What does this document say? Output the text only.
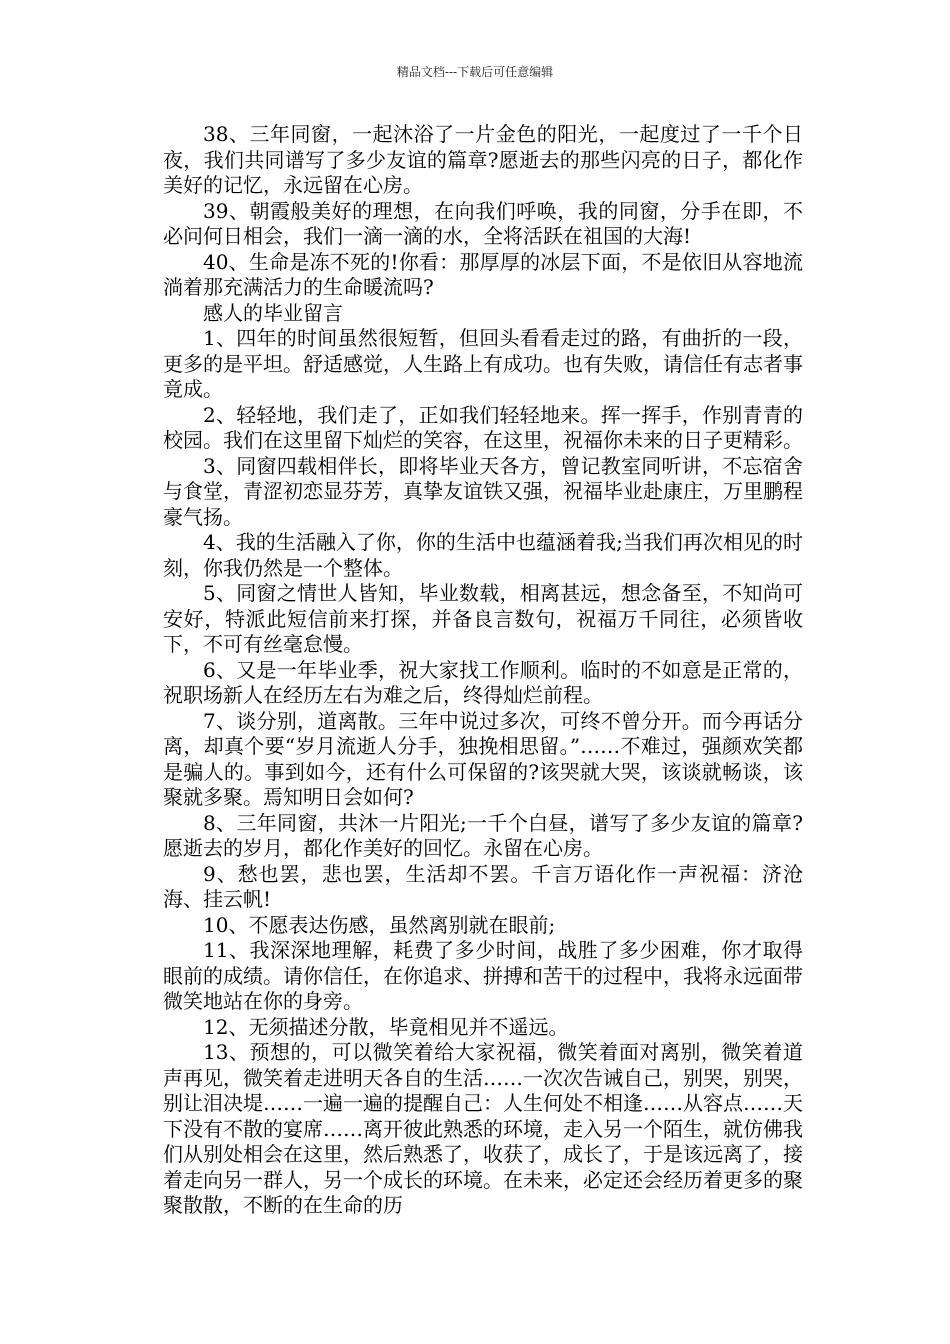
精品文档---下载后可任意编辑

38、三年同窗，一起沐浴了一片金色的阳光，一起度过了一千个日夜，我们共同谱写了多少友谊的篇章?愿逝去的那些闪亮的日子，都化作美好的记忆，永远留在心房。

39、朝霞般美好的理想，在向我们呼唤，我的同窗，分手在即，不必问何日相会，我们一滴一滴的水，全将活跃在祖国的大海!

40、生命是冻不死的!你看：那厚厚的冰层下面，不是依旧从容地流淌着那充满活力的生命暖流吗?

感人的毕业留言

1、四年的时间虽然很短暂，但回头看看走过的路，有曲折的一段，更多的是平坦。舒适感觉，人生路上有成功。也有失败，请信任有志者事竟成。

2、轻轻地，我们走了，正如我们轻轻地来。挥一挥手，作别青青的校园。我们在这里留下灿烂的笑容，在这里，祝福你未来的日子更精彩。

3、同窗四载相伴长，即将毕业天各方，曾记教室同听讲，不忘宿舍与食堂，青涩初恋显芬芳，真挚友谊铁又强，祝福毕业赴康庄，万里鹏程豪气扬。

4、我的生活融入了你，你的生活中也蕴涵着我;当我们再次相见的时刻，你我仍然是一个整体。

5、同窗之情世人皆知，毕业数载，相离甚远，想念备至，不知尚可安好，特派此短信前来打探，并备良言数句，祝福万千同往，必须皆收下，不可有丝毫怠慢。

6、又是一年毕业季，祝大家找工作顺利。临时的不如意是正常的，祝职场新人在经历左右为难之后，终得灿烂前程。

7、谈分别，道离散。三年中说过多次，可终不曾分开。而今再话分离，却真个要“岁月流逝人分手，独挽相思留。”……不难过，强颜欢笑都是骗人的。事到如今，还有什么可保留的?该哭就大哭，该谈就畅谈，该聚就多聚。焉知明日会如何?

8、三年同窗，共沐一片阳光;一千个白昼，谱写了多少友谊的篇章?愿逝去的岁月，都化作美好的回忆。永留在心房。

9、愁也罢，悲也罢，生活却不罢。千言万语化作一声祝福：济沧海、挂云帆!

10、不愿表达伤感，虽然离别就在眼前;

11、我深深地理解，耗费了多少时间，战胜了多少困难，你才取得眼前的成绩。请你信任，在你追求、拼搏和苦干的过程中，我将永远面带微笑地站在你的身旁。

12、无须描述分散，毕竟相见并不遥远。

13、预想的，可以微笑着给大家祝福，微笑着面对离别，微笑着道声再见，微笑着走进明天各自的生活……一次次告诫自己，别哭，别哭，别让泪决堤……一遍一遍的提醒自己：人生何处不相逢……从容点……天下没有不散的宴席……离开彼此熟悉的环境，走入另一个陌生，就仿佛我们从别处相会在这里，然后熟悉了，收获了，成长了，于是该远离了，接着走向另一群人，另一个成长的环境。在未来，必定还会经历着更多的聚聚散散，不断的在生命的历
